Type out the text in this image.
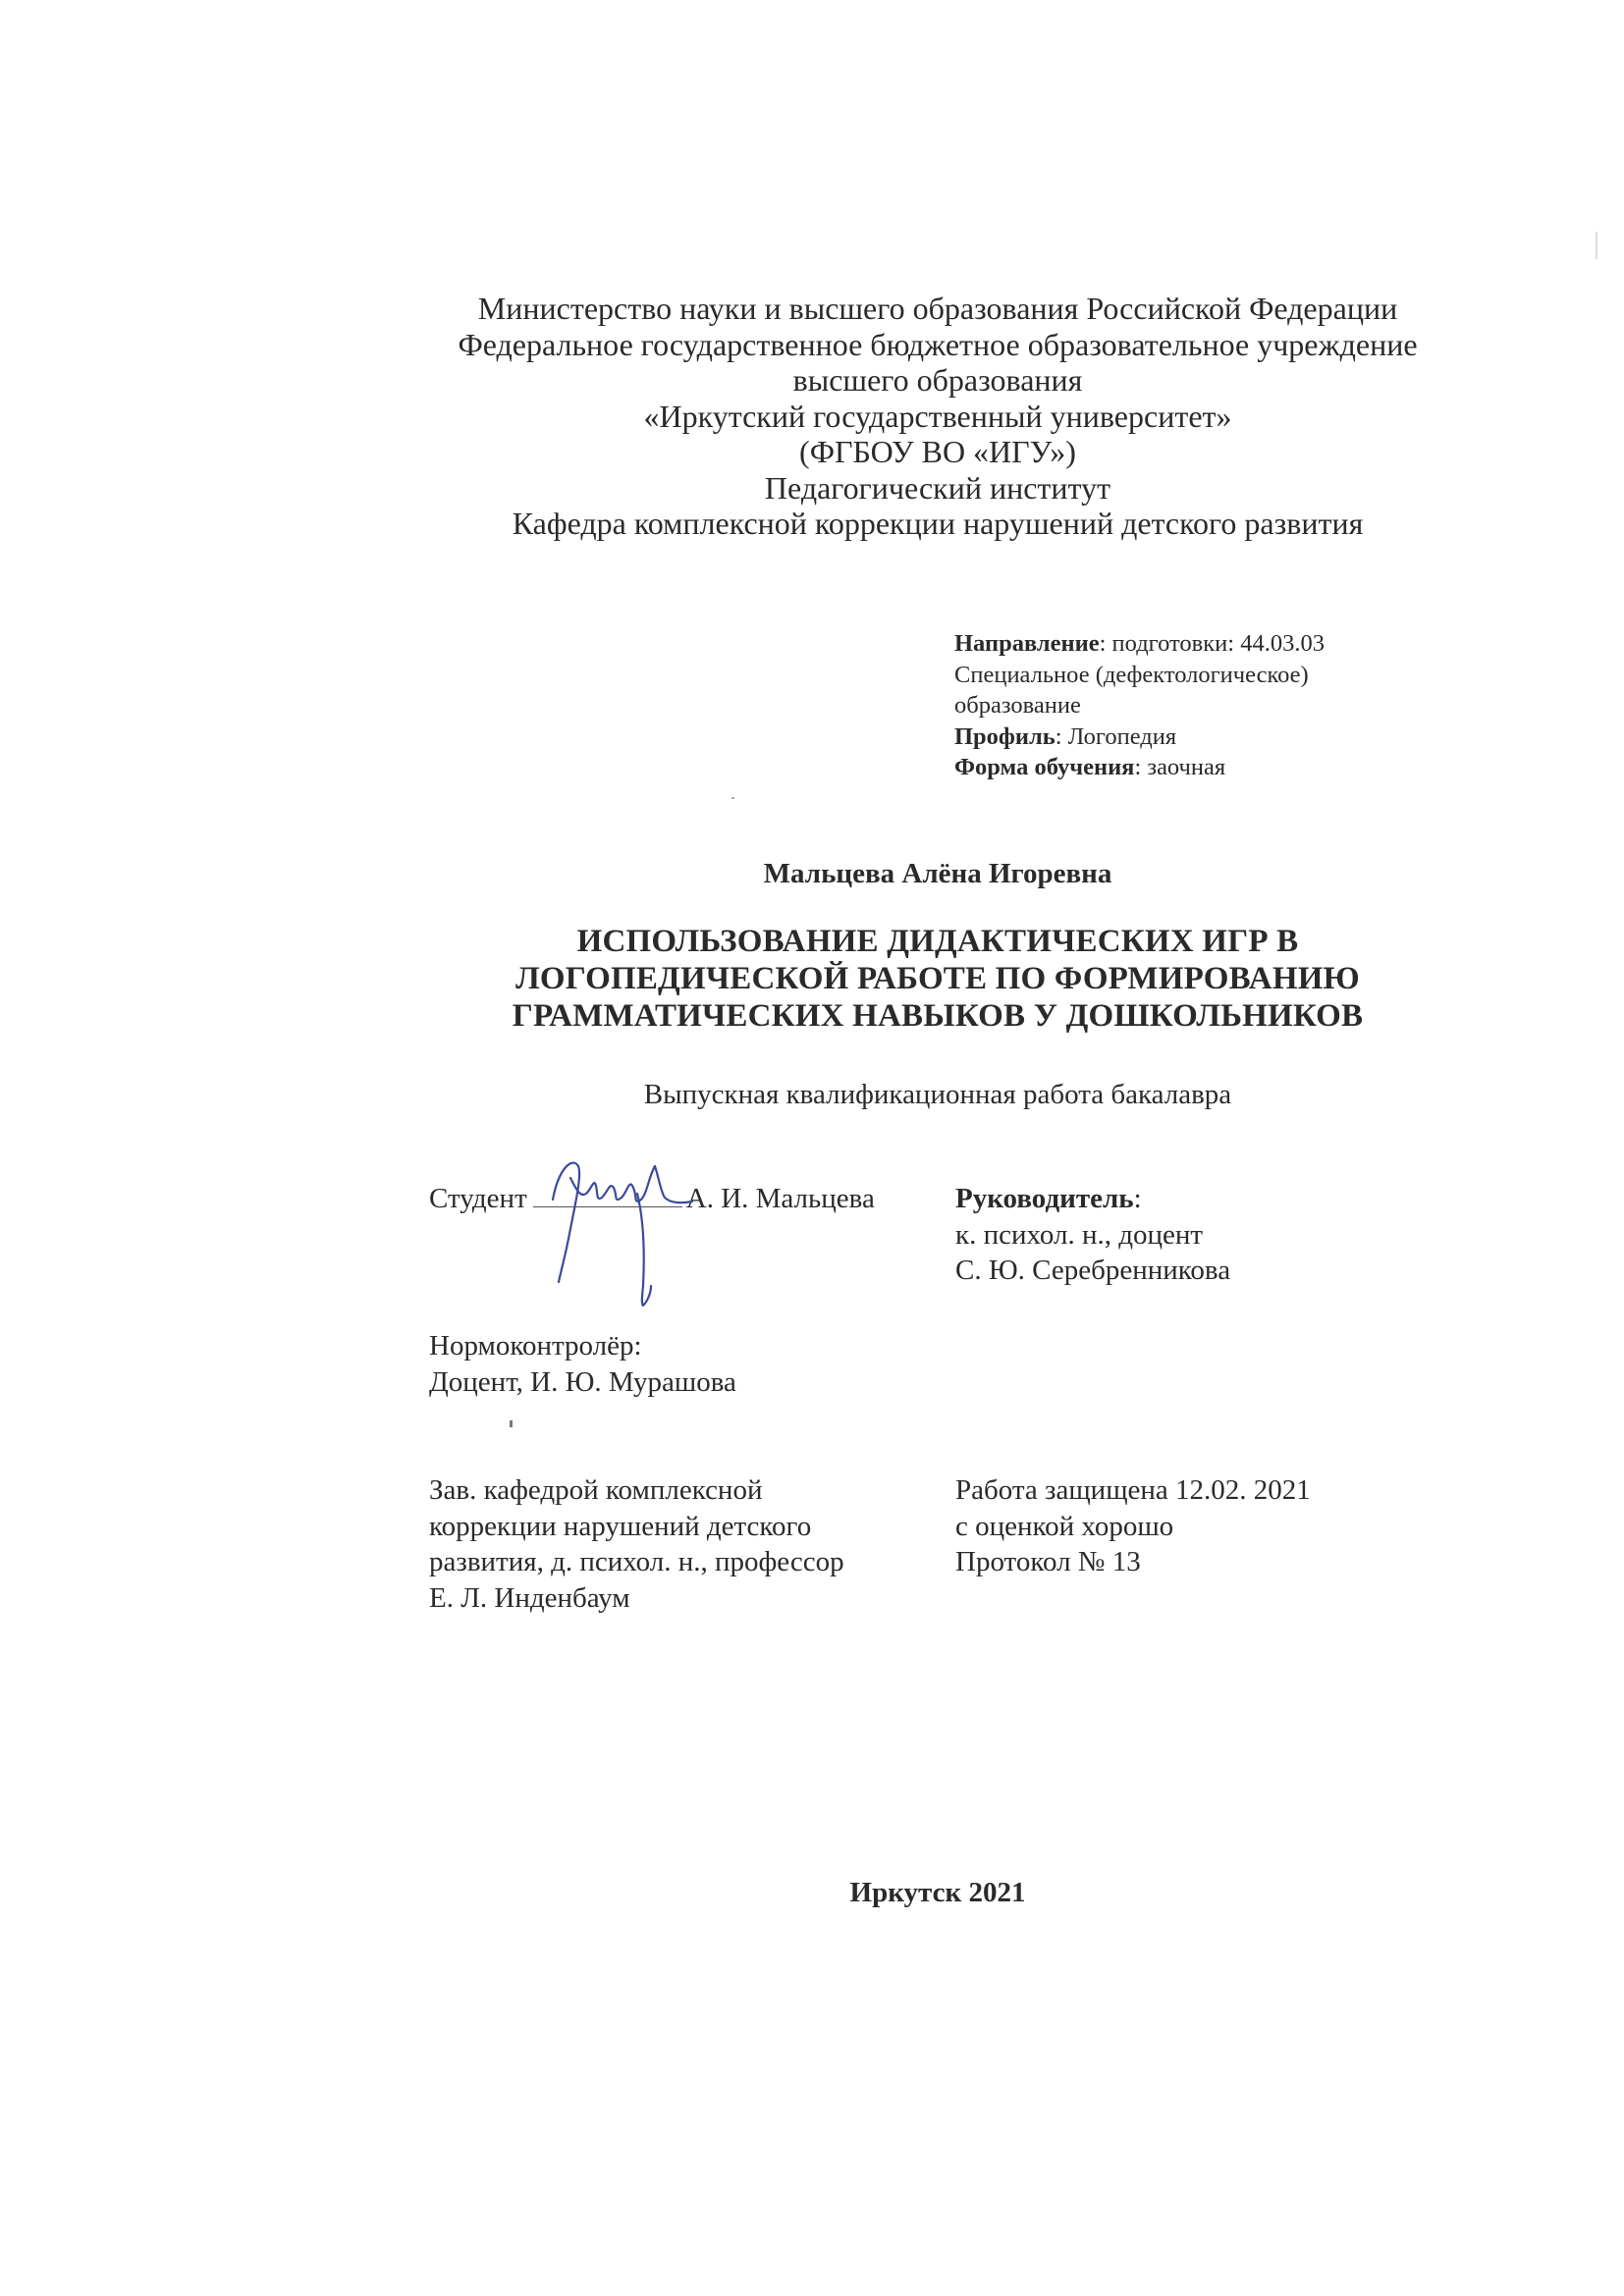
Министерство науки и высшего образования Российской Федерации
Федеральное государственное бюджетное образовательное учреждение
высшего образования
«Иркутский государственный университет»
(ФГБОУ ВО «ИГУ»)
Педагогический институт
Кафедра комплексной коррекции нарушений детского развития
Направление: подготовки: 44.03.03
Специальное (дефектологическое)
образование
Профиль: Логопедия
Форма обучения: заочная
Мальцева Алёна Игоревна
ИСПОЛЬЗОВАНИЕ ДИДАКТИЧЕСКИХ ИГР В
ЛОГОПЕДИЧЕСКОЙ РАБОТЕ ПО ФОРМИРОВАНИЮ
ГРАММАТИЧЕСКИХ НАВЫКОВ У ДОШКОЛЬНИКОВ
Выпускная квалификационная работа бакалавра
Студент	А. И. Мальцева	Руководитель:
к. психол. н., доцент
С. Ю. Серебренникова
Нормоконтролёр:
Доцент, И. Ю. Мурашова
Зав. кафедрой комплексной
коррекции нарушений детского
развития, д. психол. н., профессор
Е. Л. Инденбаум
Работа защищена 12.02. 2021
с оценкой хорошо
Протокол № 13
Иркутск 2021
